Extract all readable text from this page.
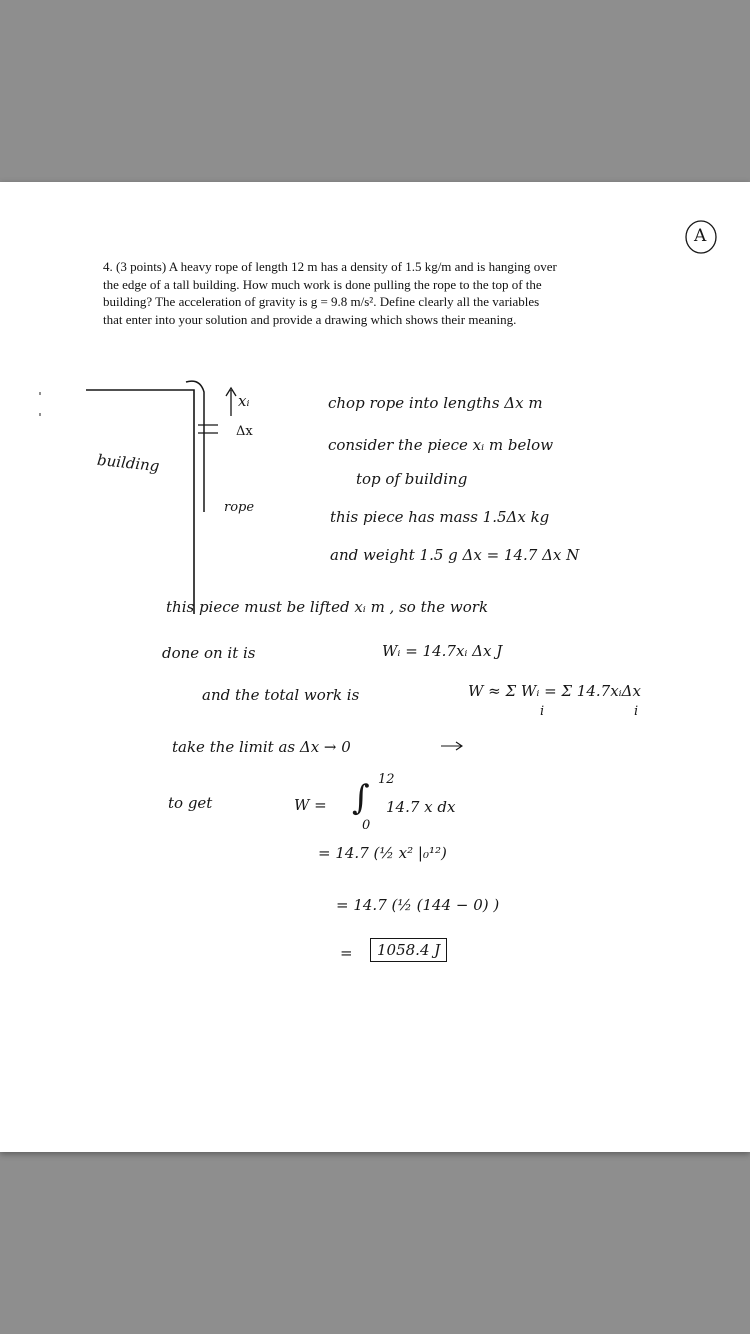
4. (3 points) A heavy rope of length 12 m has a density of 1.5 kg/m and is hanging over
the edge of a tall building. How much work is done pulling the rope to the top of the
building? The acceleration of gravity is g = 9.8 m/s². Define clearly all the variables
that enter into your solution and provide a drawing which shows their meaning.
A
xᵢ
Δx
building
rope
chop rope into lengths Δx m
consider the piece xᵢ m below
top of building
this piece has mass 1.5Δx kg
and weight 1.5 g Δx = 14.7 Δx N
this piece must be lifted xᵢ m , so the work
done on it is	Wᵢ = 14.7xᵢ Δx J
and the total work is	W ≈ Σ Wᵢ = Σ 14.7xᵢΔx
i	i
take the limit as Δx → 0
to get	W = ∫ 12
0
14.7 x dx
= 14.7 (½ x² |₀¹²)
= 14.7 (½ (144 − 0) )
=	1058.4 J
